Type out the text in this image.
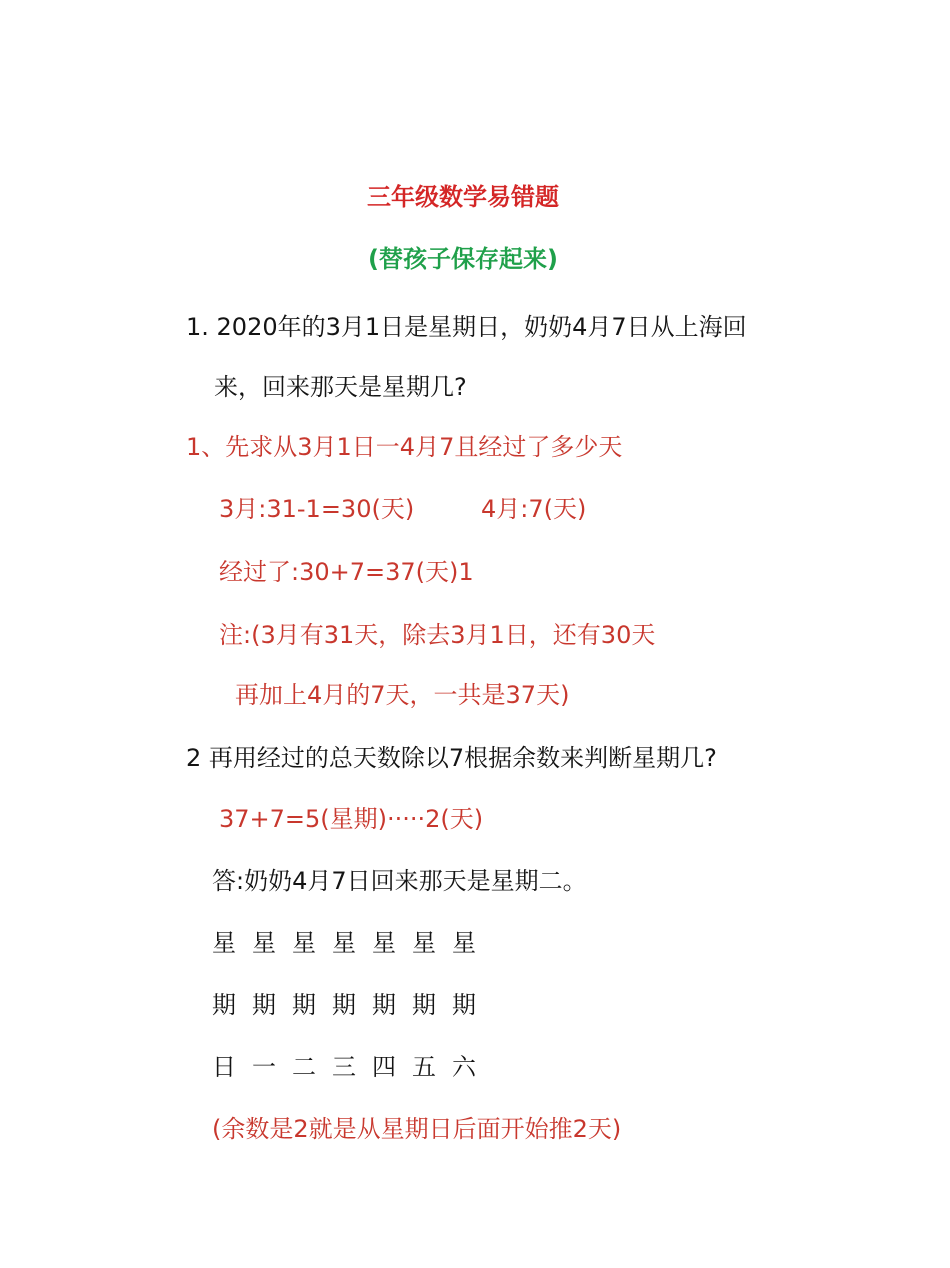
三年级数学易错题
(替孩子保存起来)
1. 2020年的3月1日是星期日，奶奶4月7日从上海回
来，回来那天是星期几?
1、先求从3月1日一4月7且经过了多少天
3月:31-1=30(天)	4月:7(天)
经过了:30+7=37(天)1
注:(3月有31天，除去3月1日，还有30天
再加上4月的7天，一共是37天)
2 再用经过的总天数除以7根据余数来判断星期几?
37+7=5(星期)·····2(天)
答:奶奶4月7日回来那天是星期二。
星 星 星 星 星 星 星
期 期 期 期 期 期 期
日 一 二 三 四 五 六
(余数是2就是从星期日后面开始推2天)
